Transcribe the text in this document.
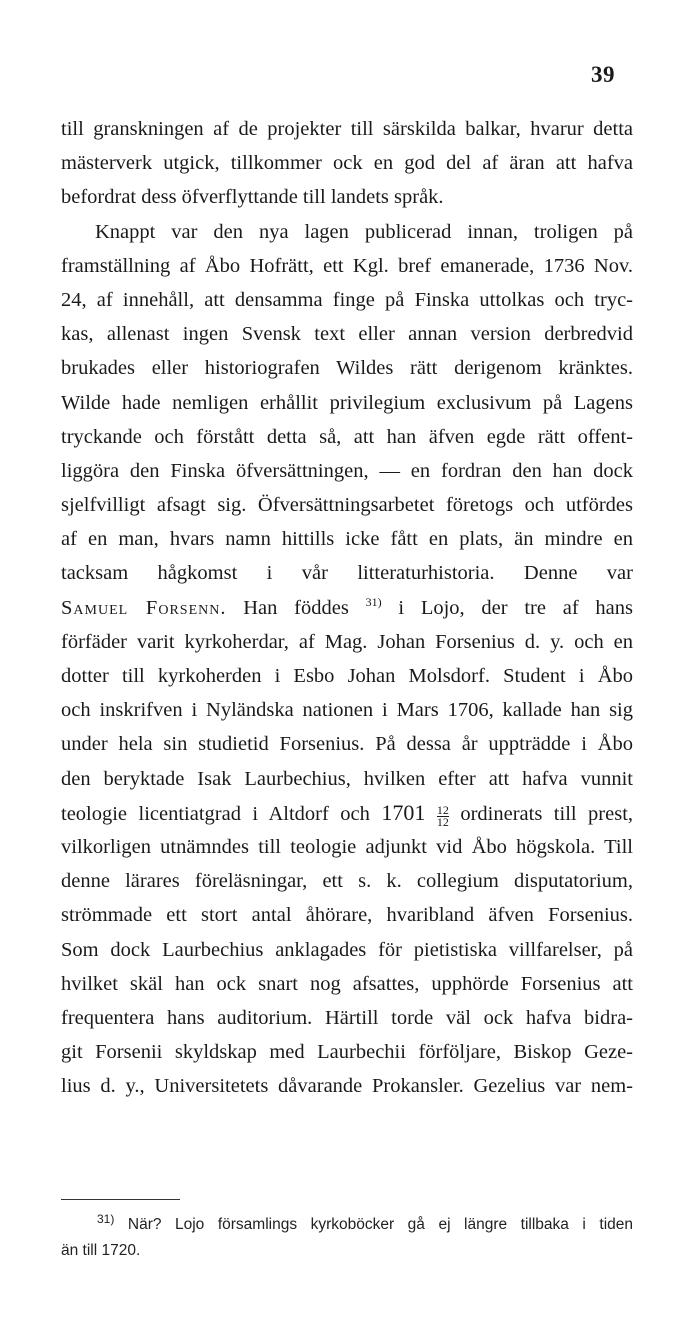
39
till granskningen af de projekter till särskilda balkar, hvarur detta
mästerverk utgick, tillkommer ock en god del af äran att hafva
befordrat dess öfverflyttande till landets språk.
Knappt var den nya lagen publicerad innan, troligen på
framställning af Åbo Hofrätt, ett Kgl. bref emanerade, 1736 Nov.
24, af innehåll, att densamma finge på Finska uttolkas och tryc-
kas, allenast ingen Svensk text eller annan version derbredvid
brukades eller historiografen Wildes rätt derigenom kränktes.
Wilde hade nemligen erhållit privilegium exclusivum på Lagens
tryckande och förstått detta så, att han äfven egde rätt offent-
liggöra den Finska öfversättningen, — en fordran den han dock
sjelfvilligt afsagt sig. Öfversättningsarbetet företogs och utfördes
af en man, hvars namn hittills icke fått en plats, än mindre en
tacksam hågkomst i vår litteraturhistoria. Denne var
Samuel Forsenn. Han föddes $^{31)}$ i Lojo, der tre af hans
förfäder varit kyrkoherdar, af Mag. Johan Forsenius d. y. och en
dotter till kyrkoherden i Esbo Johan Molsdorf. Student i Åbo
och inskrifven i Nyländska nationen i Mars 1706, kallade han sig
under hela sin studietid Forsenius. På dessa år uppträdde i Åbo
den beryktade Isak Laurbechius, hvilken efter att hafva vunnit
teologie licentiatgrad i Altdorf och $1701 \frac{12}{12}$ ordinerats till prest,
vilkorligen utnämndes till teologie adjunkt vid Åbo högskola. Till
denne lärares föreläsningar, ett s. k. collegium disputatorium,
strömmade ett stort antal åhörare, hvaribland äfven Forsenius.
Som dock Laurbechius anklagades för pietistiska villfarelser, på
hvilket skäl han ock snart nog afsattes, upphörde Forsenius att
frequentera hans auditorium. Härtill torde väl ock hafva bidra-
git Forsenii skyldskap med Laurbechii förföljare, Biskop Geze-
lius d. y., Universitetets dåvarande Prokansler. Gezelius var nem-
$^{31)}$ När? Lojo församlings kyrkoböcker gå ej längre tillbaka i tiden
än till 1720.
